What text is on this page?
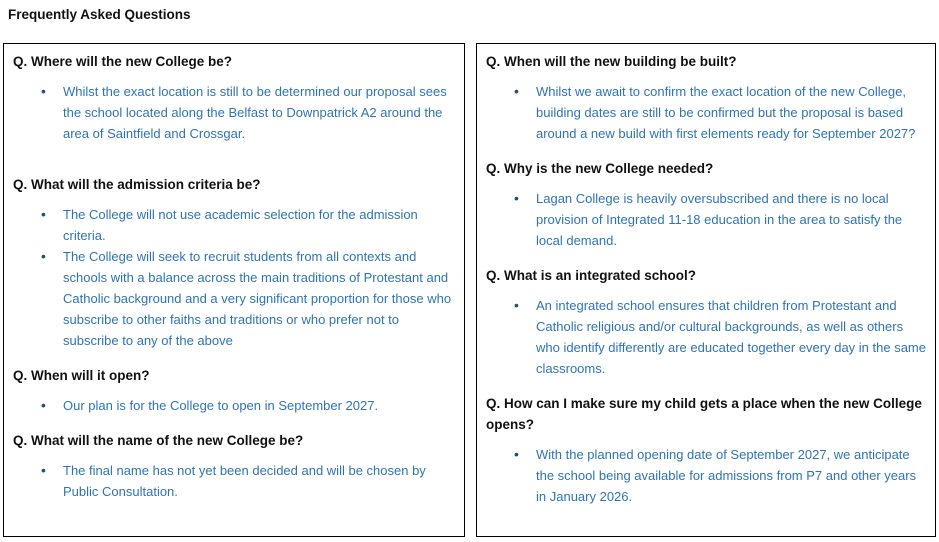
Frequently Asked Questions
Q. Where will the new College be?
•	Whilst the exact location is still to be determined our proposal sees the school located along the Belfast to Downpatrick A2 around the area of Saintfield and Crossgar.
Q. What will the admission criteria be?
•	The College will not use academic selection for the admission criteria.
•	The College will seek to recruit students from all contexts and schools with a balance across the main traditions of Protestant and Catholic background and a very significant proportion for those who subscribe to other faiths and traditions or who prefer not to subscribe to any of the above
Q. When will it open?
•	Our plan is for the College to open in September 2027.
Q. What will the name of the new College be?
•	The final name has not yet been decided and will be chosen by Public Consultation.
Q. When will the new building be built?
•	Whilst we await to confirm the exact location of the new College, building dates are still to be confirmed but the proposal is based around a new build with first elements ready for September 2027?
Q. Why is the new College needed?
•	Lagan College is heavily oversubscribed and there is no local provision of Integrated 11-18 education in the area to satisfy the local demand.
Q. What is an integrated school?
•	An integrated school ensures that children from Protestant and Catholic religious and/or cultural backgrounds, as well as others who identify differently are educated together every day in the same classrooms.
Q. How can I make sure my child gets a place when the new College opens?
•	With the planned opening date of September 2027, we anticipate the school being available for admissions from P7 and other years in January 2026.
